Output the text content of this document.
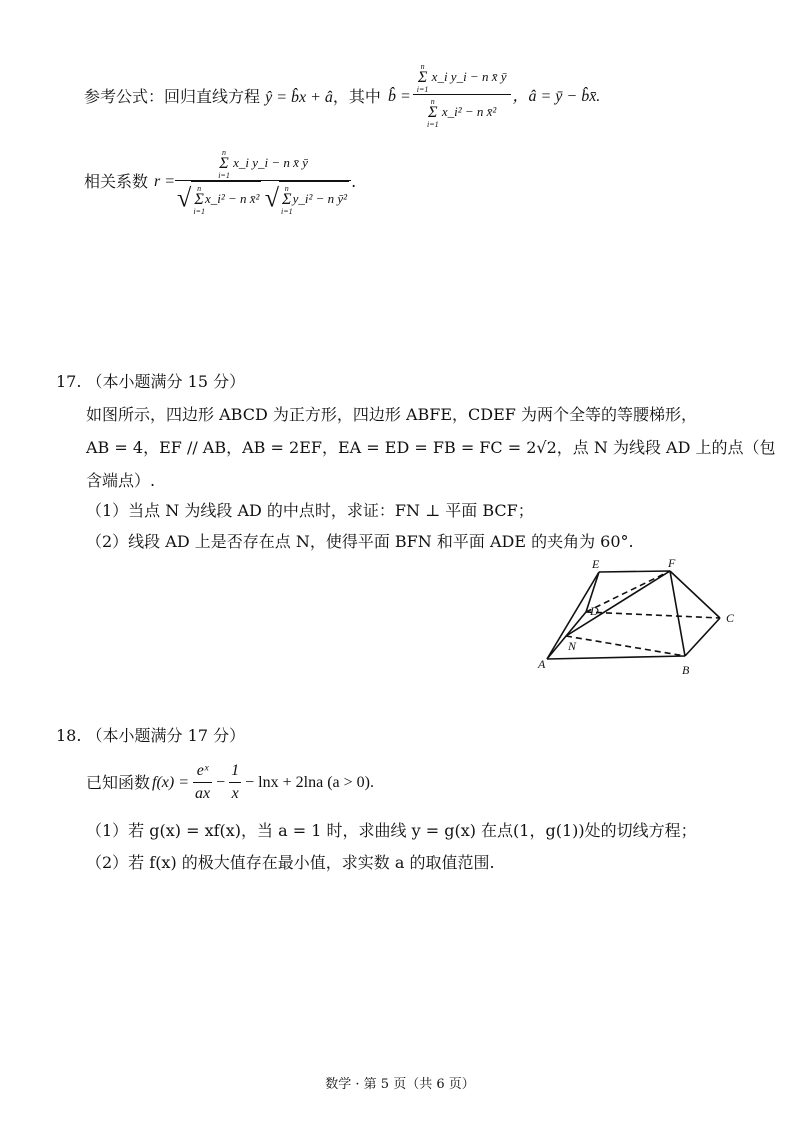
参考公式：回归直线方程 ŷ = b̂x + â，其中 b̂ = n
Σ
i=1
x_i y_i − n x̄ ȳ
n
Σ
i=1
x_i² − n x̄² ，â = ȳ − b̂x̄.
相关系数 r = n
Σ
i=1
x_i y_i − n x̄ ȳ
√ n
Σ
i=1
x_i² − n x̄² √ n
Σ
i=1
y_i² − n ȳ² .
17. （本小题满分 15 分）
如图所示，四边形 ABCD 为正方形，四边形 ABFE，CDEF 为两个全等的等腰梯形，
AB = 4，EF // AB，AB = 2EF，EA = ED = FB = FC = 2√2，点 N 为线段 AD 上的点（包
含端点）.
（1）当点 N 为线段 AD 的中点时，求证：FN ⊥ 平面 BCF；
（2）线段 AD 上是否存在点 N，使得平面 BFN 和平面 ADE 的夹角为 60°.
E	F
D	C
N
A	B
18. （本小题满分 17 分）
已知函数 $f(x) = \frac{\text{eˣ}}{ax} - \frac{1}{x} - \ln x + 2\ln a$ (a > 0).
（1）若 g(x) = xf(x)，当 a = 1 时，求曲线 y = g(x) 在点(1，g(1))处的切线方程；
（2）若 f(x) 的极大值存在最小值，求实数 a 的取值范围.
数学 · 第 5 页（共 6 页）
